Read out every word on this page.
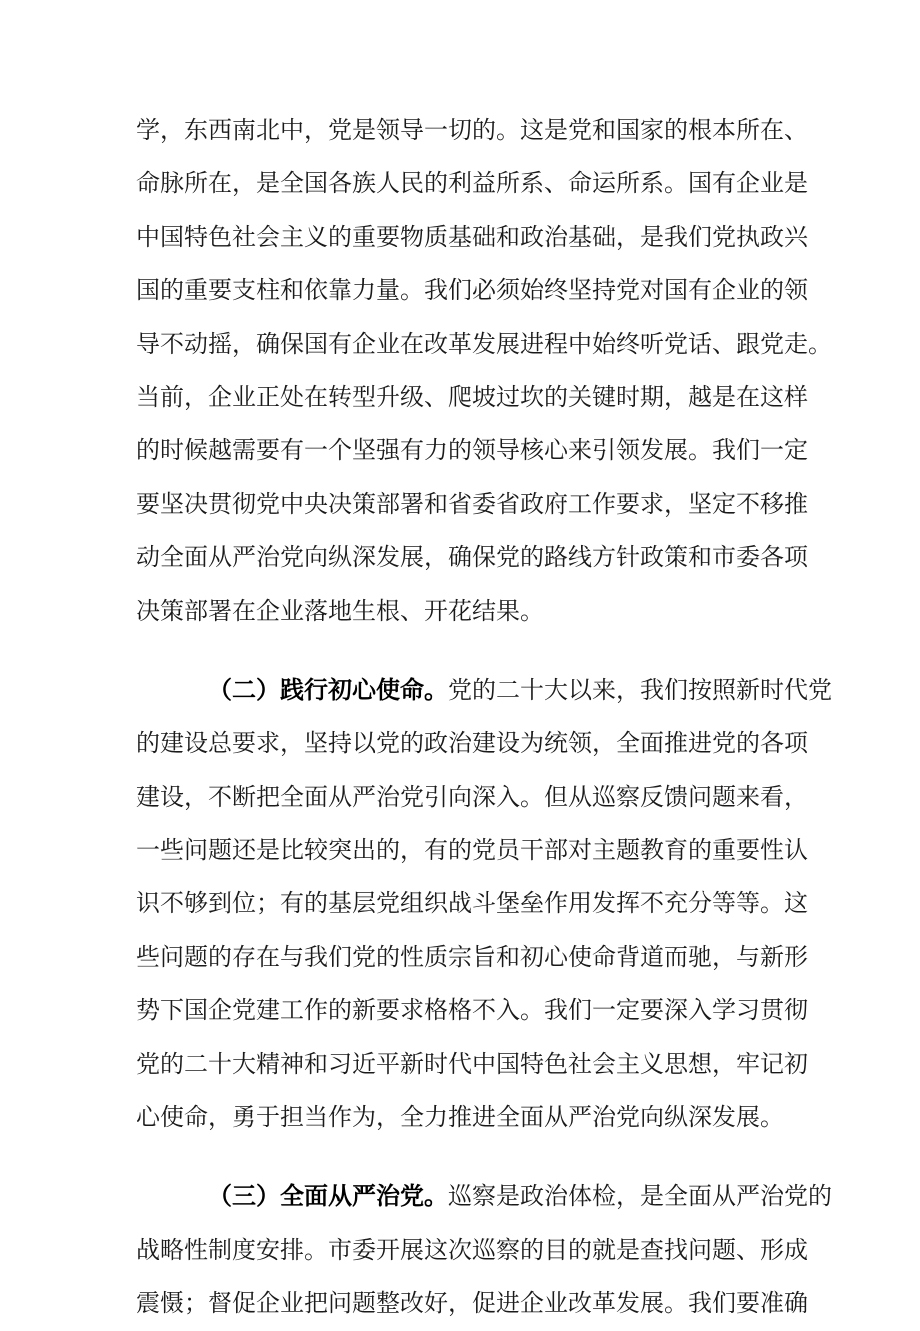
学，东西南北中，党是领导一切的。这是党和国家的根本所在、
命脉所在，是全国各族人民的利益所系、命运所系。国有企业是
中国特色社会主义的重要物质基础和政治基础，是我们党执政兴
国的重要支柱和依靠力量。我们必须始终坚持党对国有企业的领
导不动摇，确保国有企业在改革发展进程中始终听党话、跟党走。
当前，企业正处在转型升级、爬坡过坎的关键时期，越是在这样
的时候越需要有一个坚强有力的领导核心来引领发展。我们一定
要坚决贯彻党中央决策部署和省委省政府工作要求，坚定不移推
动全面从严治党向纵深发展，确保党的路线方针政策和市委各项
决策部署在企业落地生根、开花结果。
（二）践行初心使命。党的二十大以来，我们按照新时代党
的建设总要求，坚持以党的政治建设为统领，全面推进党的各项
建设，不断把全面从严治党引向深入。但从巡察反馈问题来看，
一些问题还是比较突出的，有的党员干部对主题教育的重要性认
识不够到位；有的基层党组织战斗堡垒作用发挥不充分等等。这
些问题的存在与我们党的性质宗旨和初心使命背道而驰，与新形
势下国企党建工作的新要求格格不入。我们一定要深入学习贯彻
党的二十大精神和习近平新时代中国特色社会主义思想，牢记初
心使命，勇于担当作为，全力推进全面从严治党向纵深发展。
（三）全面从严治党。巡察是政治体检，是全面从严治党的
战略性制度安排。市委开展这次巡察的目的就是查找问题、形成
震慑；督促企业把问题整改好，促进企业改革发展。我们要准确
